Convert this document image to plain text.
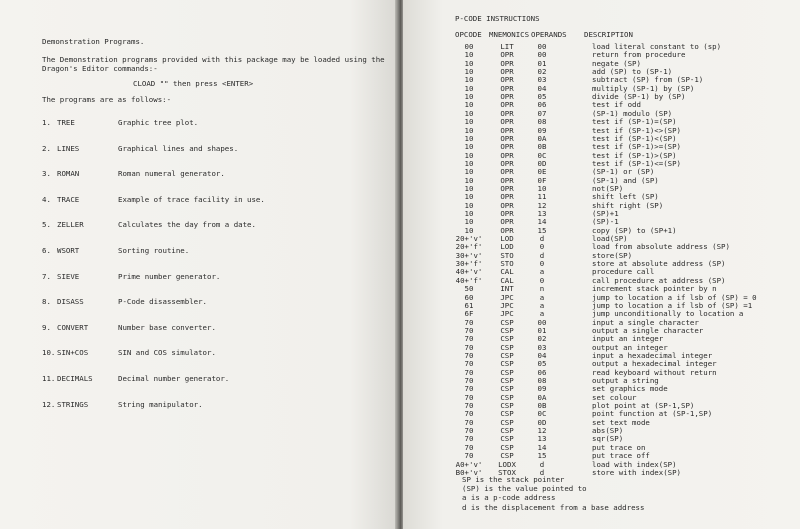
Demonstration Programs.
The Demonstration programs provided with this package may be loaded using the
Dragon's Editor commands:-
CLOAD "" then press <ENTER>
The programs are as follows:-
1. TREE	Graphic tree plot.
2. LINES	Graphical lines and shapes.
3. ROMAN	Roman numeral generator.
4. TRACE	Example of trace facility in use.
5. ZELLER	Calculates the day from a date.
6. WSORT	Sorting routine.
7. SIEVE	Prime number generator.
8. DISASS	P-Code disassembler.
9. CONVERT	Number base converter.
10. SIN+COS	SIN and COS simulator.
11. DECIMALS	Decimal number generator.
12. STRINGS	String manipulator.
P-CODE INSTRUCTIONS
OPCODE MNEMONICS OPERANDS DESCRIPTION
00	LIT	00	load literal constant to (sp)
10	OPR	00	return from procedure
10	OPR	01	negate (SP)
10	OPR	02	add (SP) to (SP-1)
10	OPR	03	subtract (SP) from (SP-1)
10	OPR	04	multiply (SP-1) by (SP)
10	OPR	05	divide (SP-1) by (SP)
10	OPR	06	test if odd
10	OPR	07	(SP-1) modulo (SP)
10	OPR	08	test if (SP-1)=(SP)
10	OPR	09	test if (SP-1)<>(SP)
10	OPR	0A	test if (SP-1)<(SP)
10	OPR	0B	test if (SP-1)>=(SP)
10	OPR	0C	test if (SP-1)>(SP)
10	OPR	0D	test if (SP-1)<=(SP)
10	OPR	0E	(SP-1) or (SP)
10	OPR	0F	(SP-1) and (SP)
10	OPR	10	not(SP)
10	OPR	11	shift left (SP)
10	OPR	12	shift right (SP)
10	OPR	13	(SP)+1
10	OPR	14	(SP)-1
10	OPR	15	copy (SP) to (SP+1)
20+'v'	LOD	d	load(SP)
20+'f'	LOD	0	load from absolute address (SP)
30+'v'	STO	d	store(SP)
30+'f'	STO	0	store at absolute address (SP)
40+'v'	CAL	a	procedure call
40+'f'	CAL	0	call procedure at address (SP)
50	INT	n	increment stack pointer by n
60	JPC	a	jump to location a if lsb of (SP) = 0
61	JPC	a	jump to location a if lsb of (SP) =1
6F	JPC	a	jump unconditionally to location a
70	CSP	00	input a single character
70	CSP	01	output a single character
70	CSP	02	input an integer
70	CSP	03	output an integer
70	CSP	04	input a hexadecimal integer
70	CSP	05	output a hexadecimal integer
70	CSP	06	read keyboard without return
70	CSP	08	output a string
70	CSP	09	set graphics mode
70	CSP	0A	set colour
70	CSP	0B	plot point at (SP-1,SP)
70	CSP	0C	point function at (SP-1,SP)
70	CSP	0D	set text mode
70	CSP	12	abs(SP)
70	CSP	13	sqr(SP)
70	CSP	14	put trace on
70	CSP	15	put trace off
A0+'v'	LODX	d	load with index(SP)
B0+'v'	STOX	d	store with index(SP)
SP is the stack pointer
(SP) is the value pointed to
a is a p-code address
d is the displacement from a base address
